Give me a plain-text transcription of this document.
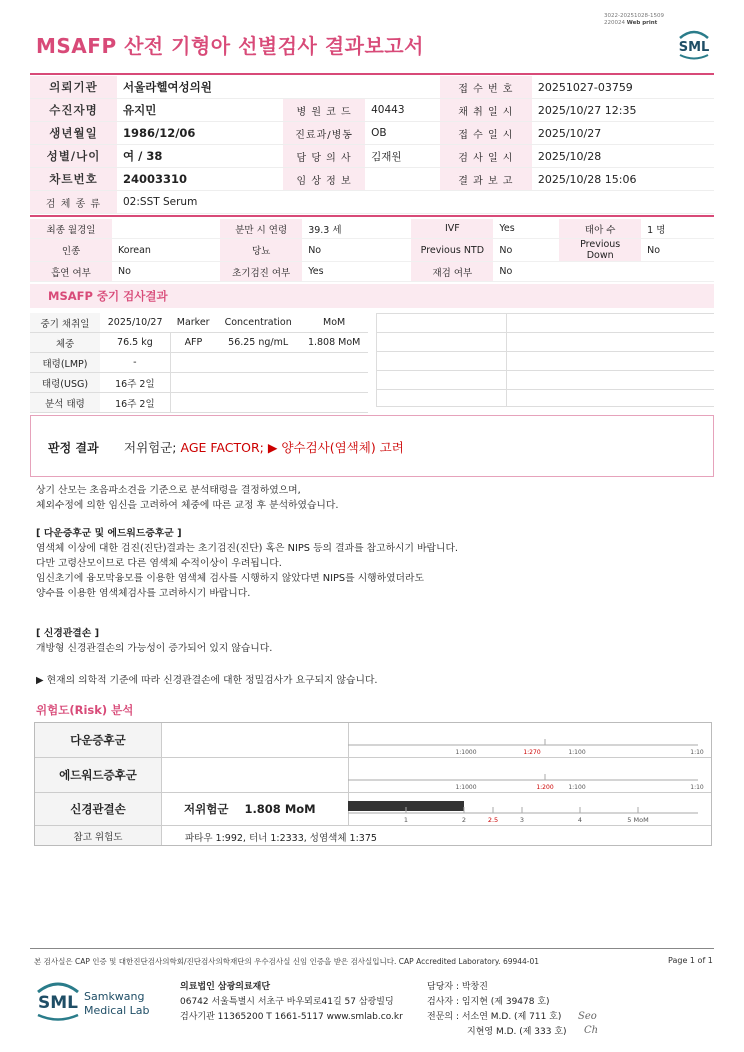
3022-20251028-1509
220024 Web print
MSAFP 산전 기형아 선별검사 결과보고서	SML
의뢰기관	서울라헬여성의원			접 수 번 호	20251027-03759
수진자명	유지민	병 원 코 드	40443	채 취 일 시	2025/10/27 12:35
생년월일	1986/12/06	진료과/병동	OB	접 수 일 시	2025/10/27
성별/나이	여 / 38	담 당 의 사	김재원	검 사 일 시	2025/10/28
차트번호	24003310	임 상 정 보		결 과 보 고	2025/10/28 15:06
검 체 종 류	02:SST Serum				
최종 월경일		분만 시 연령	39.3 세	IVF	Yes	태아 수	1 명
인종	Korean	당뇨	No	Previous NTD	No	Previous Down	No
흡연 여부	No	초기검진 여부	Yes	재검 여부	No		
MSAFP 중기 검사결과
중기 채취일	2025/10/27	Marker	Concentration	MoM
체중	76.5 kg	AFP	56.25 ng/mL	1.808 MoM
태령(LMP)	-			
태령(USG)	16주 2일			
분석 태령	16주 2일			
판정 결과 저위험군; AGE FACTOR; ▶ 양수검사(염색체) 고려
상기 산모는 초음파소견을 기준으로 분석태령을 결정하였으며,
체외수정에 의한 임신을 고려하여 체중에 따른 교정 후 분석하였습니다.
[ 다운증후군 및 에드워드증후군 ]
염색체 이상에 대한 검진(진단)결과는 초기검진(진단) 혹은 NIPS 등의 결과를 참고하시기 바랍니다.
다만 고령산모이므로 다른 염색체 수적이상이 우려됩니다.
임신초기에 융모막융모를 이용한 염색체 검사를 시행하지 않았다면 NIPS를 시행하였더라도
양수를 이용한 염색체검사를 고려하시기 바랍니다.
[ 신경관결손 ]
개방형 신경관결손의 가능성이 증가되어 있지 않습니다.
▶ 현재의 의학적 기준에 따라 신경관결손에 대한 정밀검사가 요구되지 않습니다.
위험도(Risk) 분석
다운증후군
1:1000	1:270	1:100	1:10
에드워드증후군
1:1000	1:200 1:100	1:10
신경관결손	저위험군 1.808 MoM
1	2	2.5	3	4	5 MoM
참고 위험도	파타우 1:992, 터너 1:2333, 성염색체 1:375
본 검사실은 CAP 인증 및 대한진단검사의학회/진단검사의학재단의 우수검사실 신임 인증을 받은 검사실입니다. CAP Accredited Laboratory. 69944-01	Page 1 of 1
SML Samkwang
Medical Lab
의료법인 삼광의료재단
06742 서울특별시 서초구 바우뫼로41길 57 삼광빌딩
검사기관 11365200 T 1661-5117 www.smlab.co.kr
담당자 : 박창진
검사자 : 임지현 (제 39478 호)
전문의 : 서소연 M.D. (제 711 호)
지현영 M.D. (제 333 호)
Seo
Ch
